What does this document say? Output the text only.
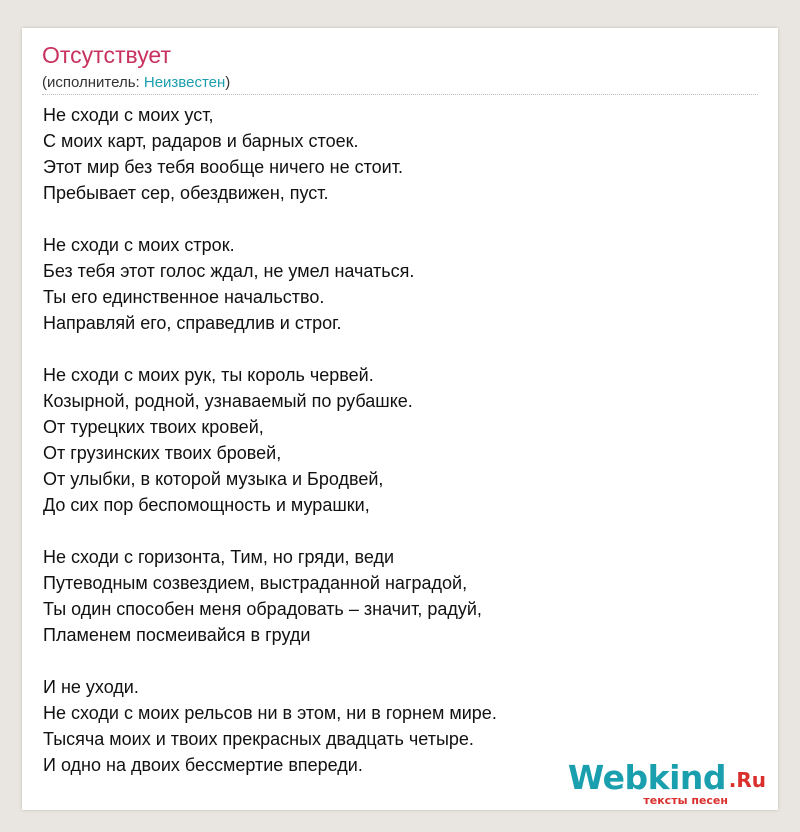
Отсутствует
(исполнитель: Неизвестен)
Не сходи с моих уст,
С моих карт, радаров и барных стоек.
Этот мир без тебя вообще ничего не стоит.
Пребывает сер, обездвижен, пуст.
Не сходи с моих строк.
Без тебя этот голос ждал, не умел начаться.
Ты его единственное начальство.
Направляй его, справедлив и строг.
Не сходи с моих рук, ты король червей.
Козырной, родной, узнаваемый по рубашке.
От турецких твоих кровей,
От грузинских твоих бровей,
От улыбки, в которой музыка и Бродвей,
До сих пор беспомощность и мурашки,
Не сходи с горизонта, Тим, но гряди, веди
Путеводным созвездием, выстраданной наградой,
Ты один способен меня обрадовать – значит, радуй,
Пламенем посмеивайся в груди
И не уходи.
Не сходи с моих рельсов ни в этом, ни в горнем мире.
Тысяча моих и твоих прекрасных двадцать четыре.
И одно на двоих бессмертие впереди.	Webkind .Ru
тексты песен
